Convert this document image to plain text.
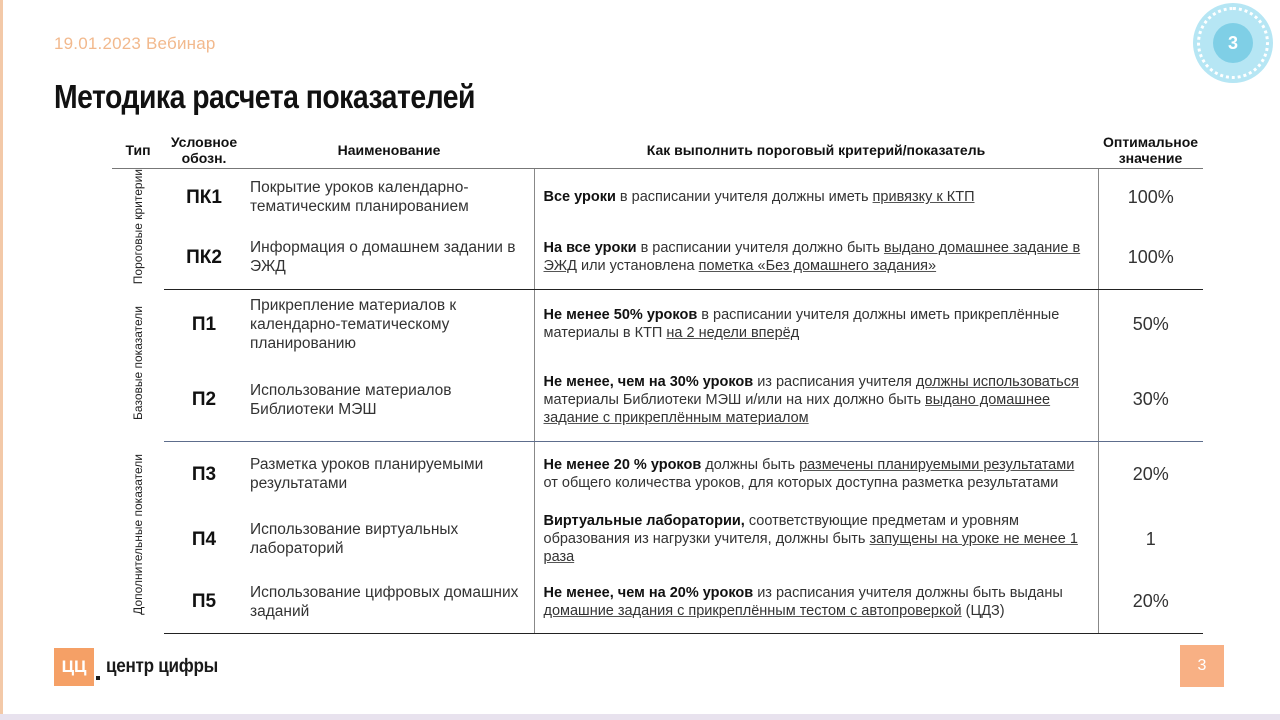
19.01.2023 Вебинар
Методика расчета показателей
3
Тип	Условное обозн.	Наименование	Как выполнить пороговый критерий/показатель	Оптимальное значение
Пороговые критерии	ПК1	Покрытие уроков календарно-тематическим планированием	Все уроки в расписании учителя должны иметь привязку к КТП	100%
	ПК2	Информация о домашнем задании в ЭЖД	На все уроки в расписании учителя должно быть выдано домашнее задание в ЭЖД или установлена пометка «Без домашнего задания»	100%
Базовые показатели	П1	Прикрепление материалов к календарно-тематическому планированию	Не менее 50% уроков в расписании учителя должны иметь прикреплённые материалы в КТП на 2 недели вперёд	50%
	П2	Использование материалов Библиотеки МЭШ	Не менее, чем на 30% уроков из расписания учителя должны использоваться материалы Библиотеки МЭШ и/или на них должно быть выдано домашнее задание с прикреплённым материалом	30%
Дополнительные показатели	П3	Разметка уроков планируемыми результатами	Не менее 20 % уроков должны быть размечены планируемыми результатами от общего количества уроков, для которых доступна разметка результатами	20%
	П4	Использование виртуальных лабораторий	Виртуальные лаборатории, соответствующие предметам и уровням образования из нагрузки учителя, должны быть запущены на уроке не менее 1 раза	1
	П5	Использование цифровых домашних заданий	Не менее, чем на 20% уроков из расписания учителя должны быть выданы домашние задания с прикреплённым тестом с автопроверкой (ЦДЗ)	20%
ЦЦ	центр цифры	3
